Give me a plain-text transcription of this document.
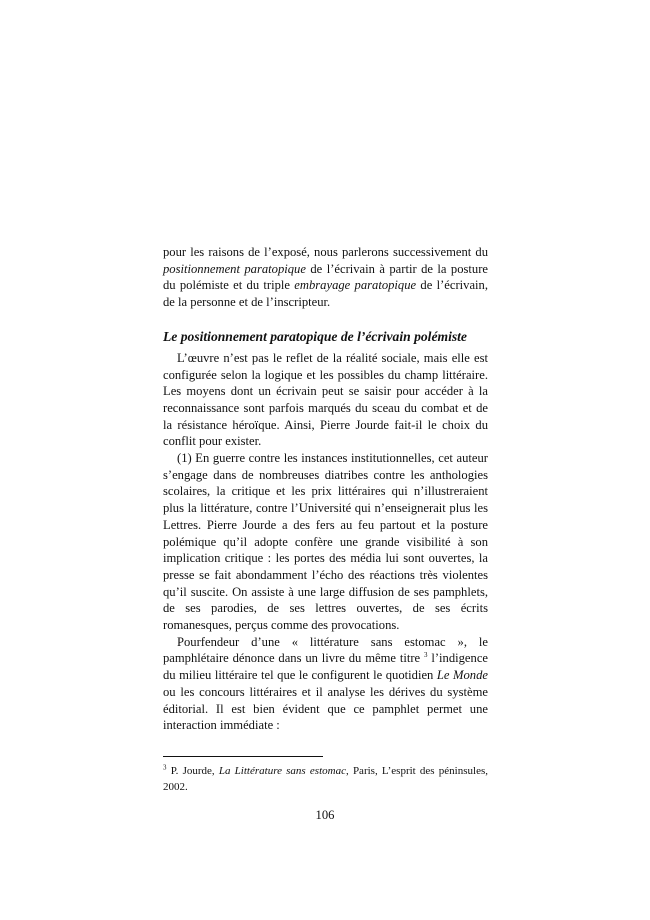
pour les raisons de l’exposé, nous parlerons successivement du positionnement paratopique de l’écrivain à partir de la posture du polémiste et du triple embrayage paratopique de l’écrivain, de la personne et de l’inscripteur.

Le positionnement paratopique de l’écrivain polémiste

L’œuvre n’est pas le reflet de la réalité sociale, mais elle est configurée selon la logique et les possibles du champ littéraire. Les moyens dont un écrivain peut se saisir pour accéder à la reconnaissance sont parfois marqués du sceau du combat et de la résistance héroïque. Ainsi, Pierre Jourde fait-il le choix du conflit pour exister.

(1) En guerre contre les instances institutionnelles, cet auteur s’engage dans de nombreuses diatribes contre les anthologies scolaires, la critique et les prix littéraires qui n’illustreraient plus la littérature, contre l’Université qui n’enseignerait plus les Lettres. Pierre Jourde a des fers au feu partout et la posture polémique qu’il adopte confère une grande visibilité à son implication critique : les portes des média lui sont ouvertes, la presse se fait abondamment l’écho des réactions très violentes qu’il suscite. On assiste à une large diffusion de ses pamphlets, de ses parodies, de ses lettres ouvertes, de ses écrits romanesques, perçus comme des provocations.

Pourfendeur d’une « littérature sans estomac », le pamphlétaire dénonce dans un livre du même titre $^3$ l’indigence du milieu littéraire tel que le configurent le quotidien Le Monde ou les concours littéraires et il analyse les dérives du système éditorial. Il est bien évident que ce pamphlet permet une interaction immédiate :

$^3$ P. Jourde, La Littérature sans estomac, Paris, L’esprit des péninsules, 2002.

106
